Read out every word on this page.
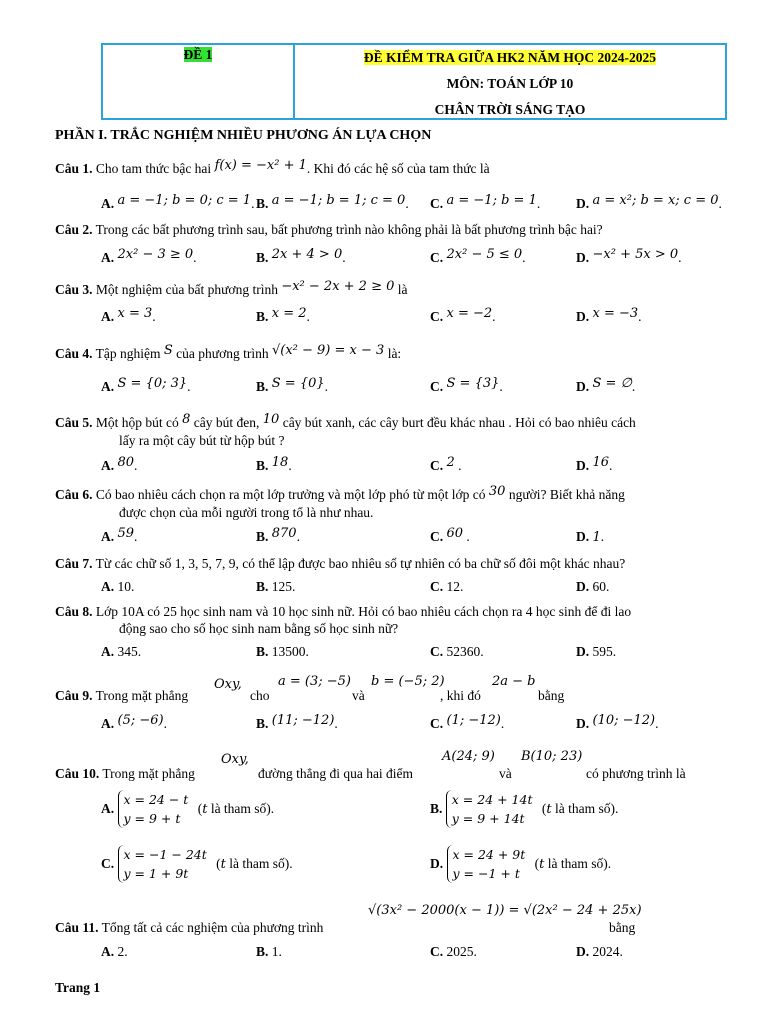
ĐỀ 1	ĐỀ KIỂM TRA GIỮA HK2 NĂM HỌC 2024-2025
MÔN: TOÁN LỚP 10
CHÂN TRỜI SÁNG TẠO
PHẦN I. TRẮC NGHIỆM NHIỀU PHƯƠNG ÁN LỰA CHỌN
Câu 1. Cho tam thức bậc hai f(x) = −x² + 1. Khi đó các hệ số của tam thức là
A. a = −1; b = 0; c = 1. B. a = −1; b = 1; c = 0. C. a = −1; b = 1.	D. a = x²; b = x; c = 0.
Câu 2. Trong các bất phương trình sau, bất phương trình nào không phải là bất phương trình bậc hai?
A. 2x² − 3 ≥ 0.	B. 2x + 4 > 0.	C. 2x² − 5 ≤ 0.	D. −x² + 5x > 0.
Câu 3. Một nghiệm của bất phương trình −x² − 2x + 2 ≥ 0 là
A. x = 3.	B. x = 2.	C. x = −2.	D. x = −3.
Câu 4. Tập nghiệm S của phương trình √(x² − 9) = x − 3 là:
A. S = {0; 3}.	B. S = {0}.	C. S = {3}.	D. S = ∅.
Câu 5. Một hộp bút có 8 cây bút đen, 10 cây bút xanh, các cây burt đều khác nhau . Hỏi có bao nhiêu cách
lấy ra một cây bút từ hộp bút ?
A. 80.	B. 18.	C. 2 .	D. 16.
Câu 6. Có bao nhiêu cách chọn ra một lớp trưởng và một lớp phó từ một lớp có 30 người? Biết khả năng
được chọn của mỗi người trong tổ là như nhau.
A. 59.	B. 870.	C. 60 .	D. 1.
Câu 7. Từ các chữ số 1, 3, 5, 7, 9, có thể lập được bao nhiêu số tự nhiên có ba chữ số đôi một khác nhau?
A. 10.	B. 125.	C. 12.	D. 60.
Câu 8. Lớp 10A có 25 học sinh nam và 10 học sinh nữ. Hỏi có bao nhiêu cách chọn ra 4 học sinh để đi lao
động sao cho số học sinh nam bằng số học sinh nữ?
A. 345.	B. 13500.	C. 52360.	D. 595.
Câu 9. Trong mặt phẳng
Oxy,
cho
a = (3; −5)
và
b = (−5; 2)
, khi đó
2a − b
bằng
A. (5; −6).	B. (11; −12).	C. (1; −12).	D. (10; −12).
Câu 10. Trong mặt phẳng
Oxy,
đường thẳng đi qua hai điểm
A(24; 9)
và
B(10; 23)
có phương trình là
A. x = 24 − t
y = 9 + t (t là tham số).	B. x = 24 + 14t
y = 9 + 14t (t là tham số).
C. x = −1 − 24t
y = 1 + 9t (t là tham số).	D. x = 24 + 9t
y = −1 + t (t là tham số).
Câu 11. Tổng tất cả các nghiệm của phương trình
√(3x² − 2000(x − 1)) = √(2x² − 24 + 25x)
bằng
A. 2.	B. 1.	C. 2025.	D. 2024.
Trang 1
